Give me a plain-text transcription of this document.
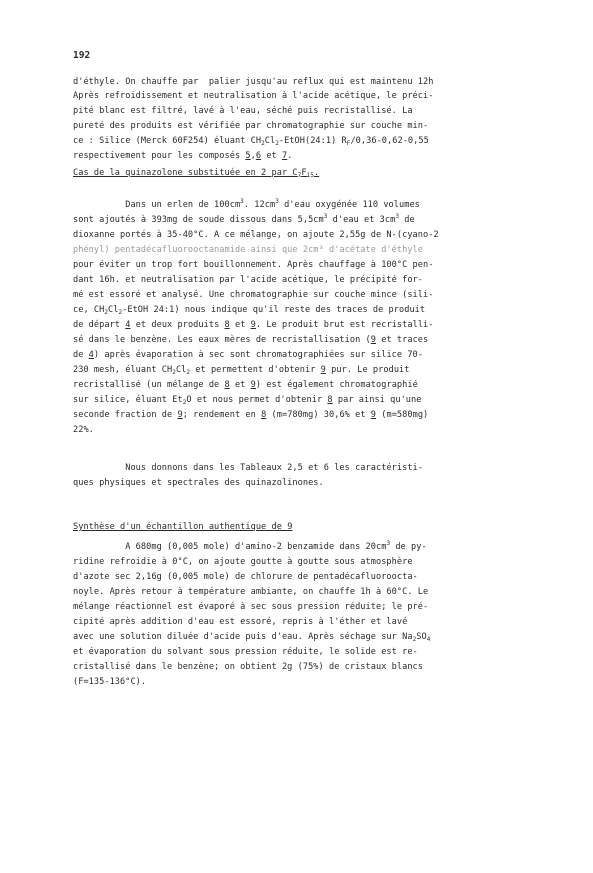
192
d'éthyle. On chauffe par  palier jusqu'au reflux qui est maintenu 12h
Après refroidissement et neutralisation à l'acide acétique, le préci-
pité blanc est filtré, lavé à l'eau, séché puis recristallisé. La
pureté des produits est vérifiée par chromatographie sur couche min-
ce : Silice (Merck 60F254) éluant $CH_2Cl_2-EtOH(24:1)$ $R_F/0,36-0,62-0,55$
respectivement pour les composés 5,6 et 7.
Cas de la quinazolone substituée en 2 par $C_7F_{15}$.
Dans un erlen de $100cm^3$. $12cm^3$ d'eau oxygénée 110 volumes
sont ajoutés à 393mg de soude dissous dans $5,5cm^3$ d'eau et $3cm^3$ de
dioxanne portés à 35-40°C. A ce mélange, on ajoute 2,55g de N-(cyano-2
phényl) pentadécafluorooctanamide ainsi que 2cm³ d'acétate d'éthyle
pour éviter un trop fort bouillonnement. Après chauffage à 100°C pen-
dant 16h. et neutralisation par l'acide acétique, le précipité for-
mé est essoré et analysé. Une chromatographie sur couche mince (sili-
ce, $CH_2Cl_2$-EtOH 24:1) nous indique qu'il reste des traces de produit
de départ 4 et deux produits 8 et 9. Le produit brut est recristalli-
sé dans le benzène. Les eaux mères de recristallisation (9 et traces
de 4) après évaporation à sec sont chromatographiées sur silice 70-
230 mesh, éluant $CH_2Cl_2$ et permettent d'obtenir 9 pur. Le produit
recristallisé (un mélange de 8 et 9) est également chromatographié
sur silice, éluant $Et_2O$ et nous permet d'obtenir 8 par ainsi qu'une
seconde fraction de 9; rendement en 8 (m=780mg) 30,6% et 9 (m=580mg)
22%.
Nous donnons dans les Tableaux 2,5 et 6 les caractéristi-
ques physiques et spectrales des quinazolinones.
Synthèse d'un échantillon authentique de 9
A 680mg (0,005 mole) d'amino-2 benzamide dans $20cm^3$ de py-
ridine refroidie à 0°C, on ajoute goutte à goutte sous atmosphère
d'azote sec 2,16g (0,005 mole) de chlorure de pentadécafluoroocta-
noyle. Après retour à température ambiante, on chauffe 1h à 60°C. Le
mélange réactionnel est évaporé à sec sous pression réduite; le pré-
cipité après addition d'eau est essoré, repris à l'éther et lavé
avec une solution diluée d'acide puis d'eau. Après séchage sur $Na_2SO_4$
et évaporation du solvant sous pression réduite, le solide est re-
cristallisé dans le benzène; on obtient 2g (75%) de cristaux blancs
(F=135-136°C).
